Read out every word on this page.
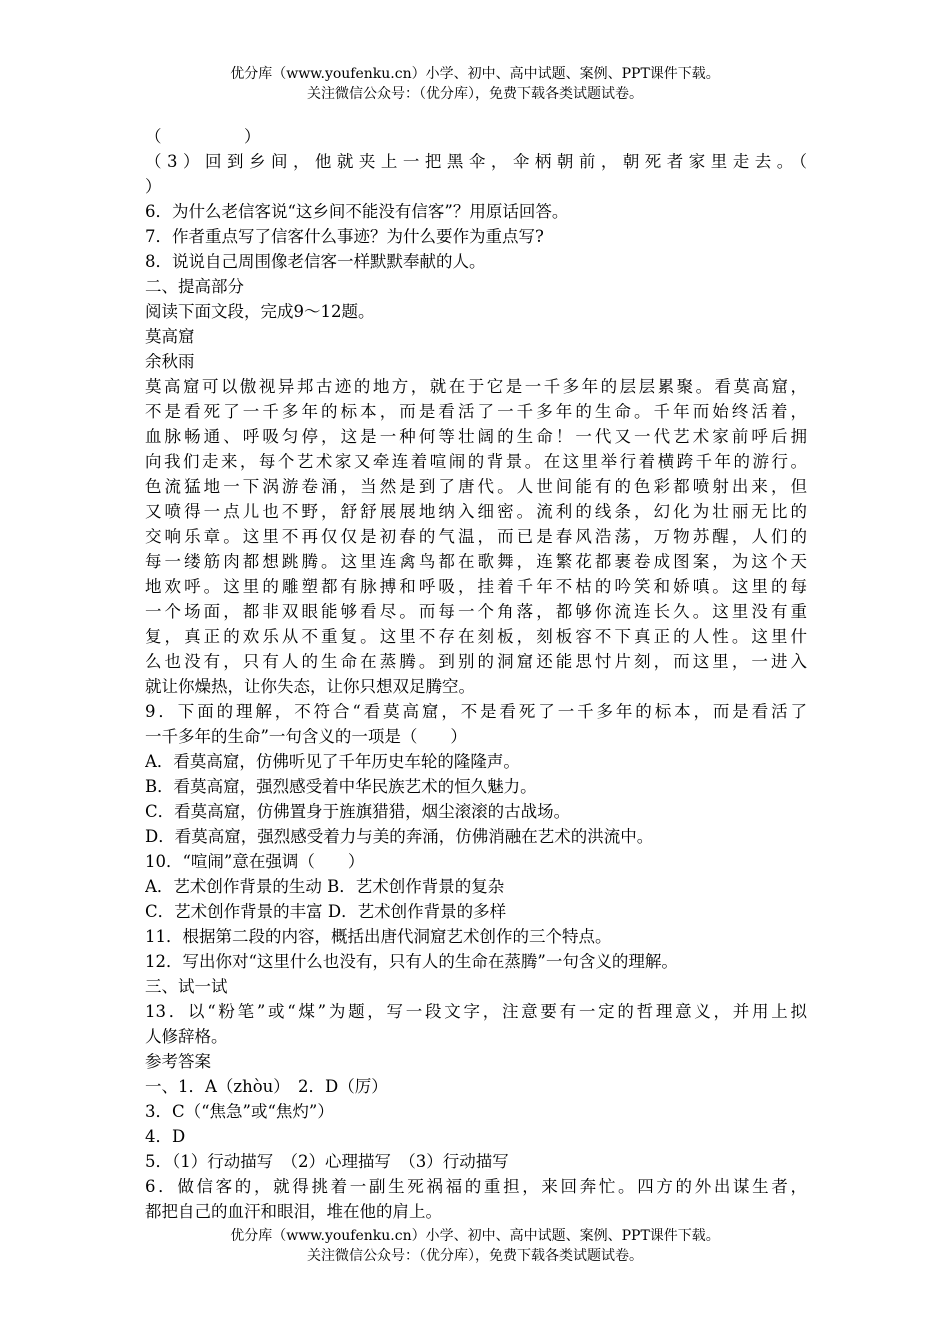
优分库（www.youfenku.cn）小学、初中、高中试题、案例、PPT课件下载。
关注微信公众号：（优分库），免费下载各类试题试卷。
（　　　　　）
（3）回到乡间，他就夹上一把黑伞，伞柄朝前，朝死者家里走去。（
）
6．为什么老信客说“这乡间不能没有信客”？用原话回答。
7．作者重点写了信客什么事迹？为什么要作为重点写?
8．说说自己周围像老信客一样默默奉献的人。
二、提高部分
阅读下面文段，完成9～12题。
莫高窟
余秋雨
莫高窟可以傲视异邦古迹的地方，就在于它是一千多年的层层累聚。看莫高窟，
不是看死了一千多年的标本，而是看活了一千多年的生命。千年而始终活着，
血脉畅通、呼吸匀停，这是一种何等壮阔的生命！一代又一代艺术家前呼后拥
向我们走来，每个艺术家又牵连着喧闹的背景。在这里举行着横跨千年的游行。
色流猛地一下涡游卷涌，当然是到了唐代。人世间能有的色彩都喷射出来，但
又喷得一点儿也不野，舒舒展展地纳入细密。流利的线条，幻化为壮丽无比的
交响乐章。这里不再仅仅是初春的气温，而已是春风浩荡，万物苏醒，人们的
每一缕筋肉都想跳腾。这里连禽鸟都在歌舞，连繁花都裹卷成图案，为这个天
地欢呼。这里的雕塑都有脉搏和呼吸，挂着千年不枯的吟笑和娇嗔。这里的每
一个场面，都非双眼能够看尽。而每一个角落，都够你流连长久。这里没有重
复，真正的欢乐从不重复。这里不存在刻板，刻板容不下真正的人性。这里什
么也没有，只有人的生命在蒸腾。到别的洞窟还能思忖片刻，而这里，一进入
就让你燥热，让你失态，让你只想双足腾空。
9．下面的理解，不符合“看莫高窟，不是看死了一千多年的标本，而是看活了
一千多年的生命”一句含义的一项是（　　）
A．看莫高窟，仿佛听见了千年历史车轮的隆隆声。
B．看莫高窟，强烈感受着中华民族艺术的恒久魅力。
C．看莫高窟，仿佛置身于旌旗猎猎，烟尘滚滚的古战场。
D．看莫高窟，强烈感受着力与美的奔涌，仿佛消融在艺术的洪流中。
10．“喧闹”意在强调（　　）
A．艺术创作背景的生动 B．艺术创作背景的复杂
C．艺术创作背景的丰富 D．艺术创作背景的多样
11．根据第二段的内容，概括出唐代洞窟艺术创作的三个特点。
12．写出你对“这里什么也没有，只有人的生命在蒸腾”一句含义的理解。
三、试一试
13．以“粉笔”或“煤”为题，写一段文字，注意要有一定的哲理意义，并用上拟
人修辞格。
参考答案
一、1．A（zhòu）　2．D（厉）
3．C（“焦急”或“焦灼”）
4．D
5．（1）行动描写　（2）心理描写　（3）行动描写
6．做信客的，就得挑着一副生死祸福的重担，来回奔忙。四方的外出谋生者，
都把自己的血汗和眼泪，堆在他的肩上。
优分库（www.youfenku.cn）小学、初中、高中试题、案例、PPT课件下载。
关注微信公众号：（优分库），免费下载各类试题试卷。
